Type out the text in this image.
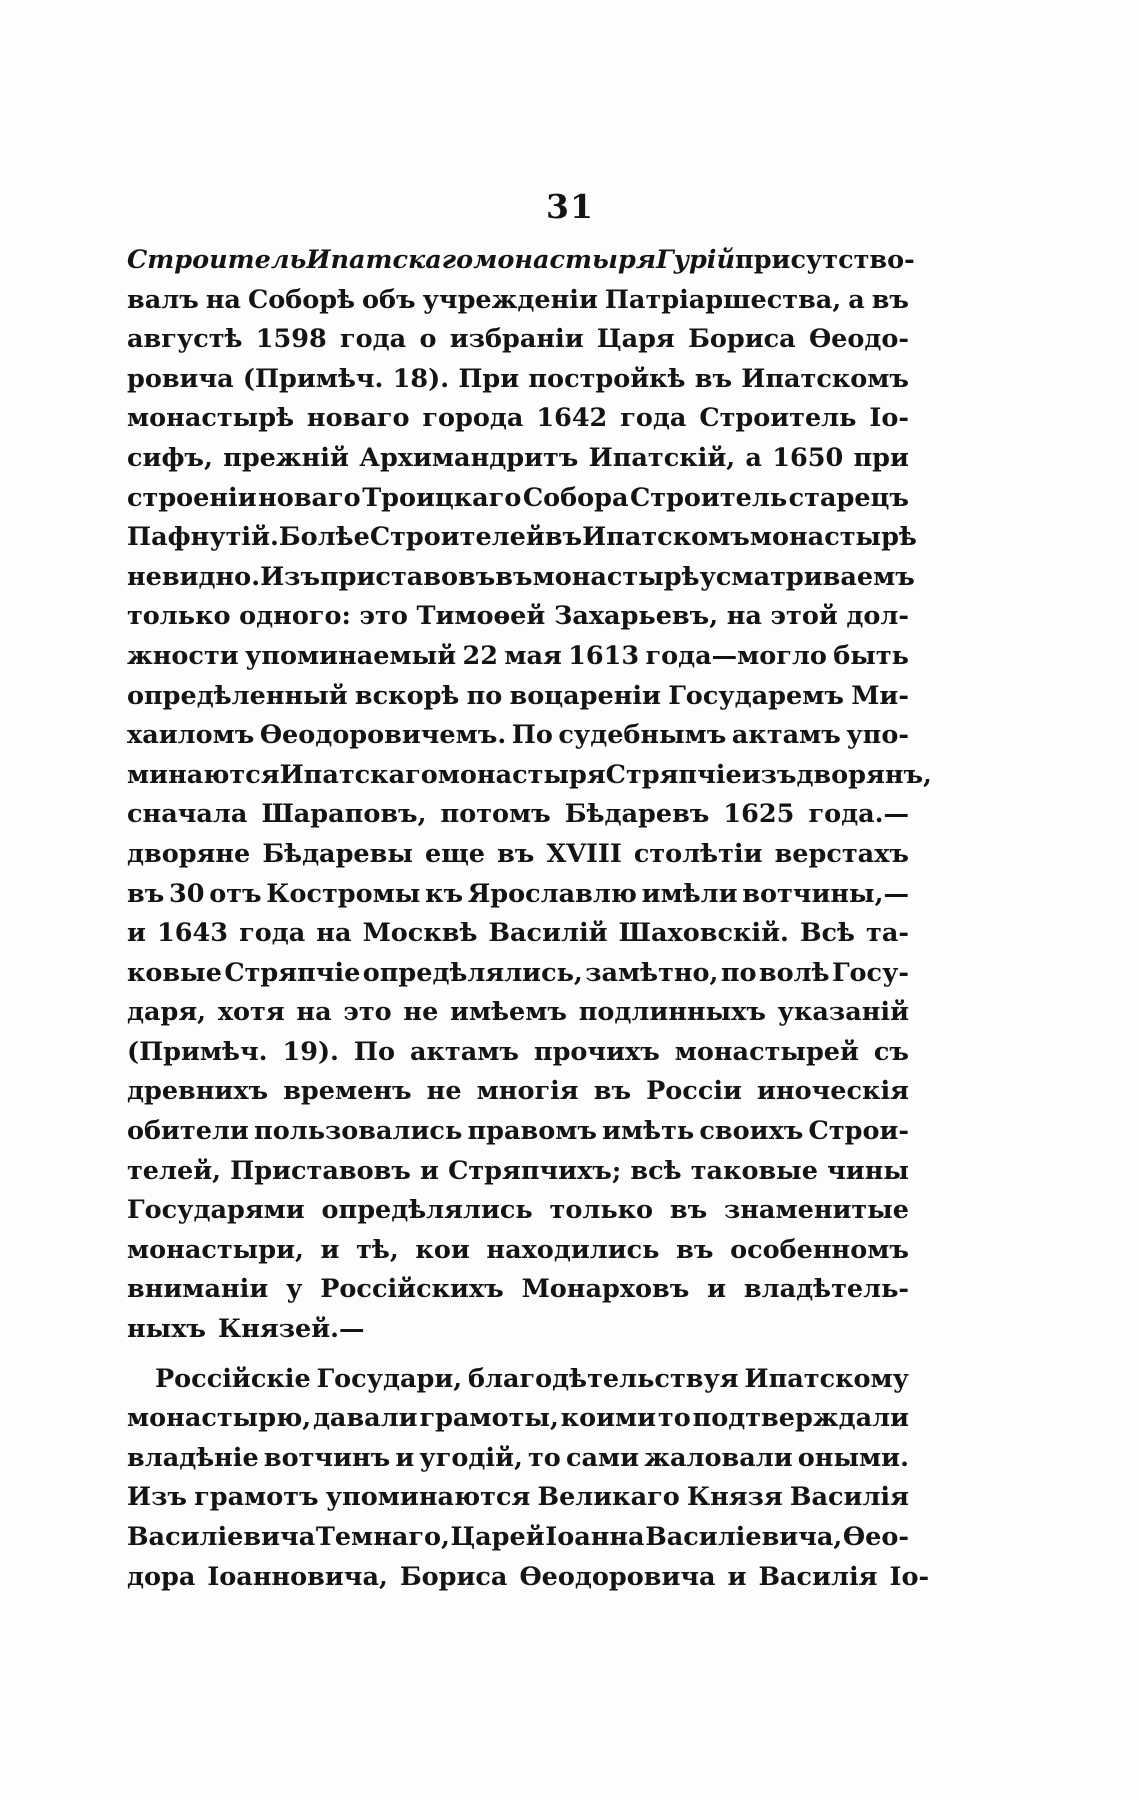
31
Строитель Ипатскаго монастыря Гурій присутство-
валъ на Соборѣ объ учрежденіи Патріаршества, а въ
августѣ 1598 года о избраніи Царя Бориса Ѳеодо-
ровича (Примѣч. 18). При постройкѣ въ Ипатскомъ
монастырѣ новаго города 1642 года Строитель Іо-
сифъ, прежній Архимандритъ Ипатскій, а 1650 при
строеніи новаго Троицкаго Собора Строитель старецъ
Пафнутій. Болѣе Строителей въ Ипатскомъ монастырѣ
не видно. Изъ приставовъ въ монастырѣ усматриваемъ
только одного: это Тимоѳей Захарьевъ, на этой дол-
жности упоминаемый 22 мая 1613 года—могло быть
опредѣленный вскорѣ по воцареніи Государемъ Ми-
хаиломъ Ѳеодоровичемъ. По судебнымъ актамъ упо-
минаются Ипатскаго монастыря Стряпчіе изъ дворянъ,
сначала Шараповъ, потомъ Бѣдаревъ 1625 года.—
дворяне Бѣдаревы еще въ XVIII столѣтіи верстахъ
въ 30 отъ Костромы къ Ярославлю имѣли вотчины,—
и 1643 года на Москвѣ Василій Шаховскій. Всѣ та-
ковые Стряпчіе опредѣлялись, замѣтно, по волѣ Госу-
даря, хотя на это не имѣемъ подлинныхъ указаній
(Примѣч. 19). По актамъ прочихъ монастырей съ
древнихъ временъ не многія въ Россіи иноческія
обители пользовались правомъ имѣть своихъ Строи-
телей, Приставовъ и Стряпчихъ; всѣ таковые чины
Государями опредѣлялись только въ знаменитые
монастыри, и тѣ, кои находились въ особенномъ
вниманіи у Россійскихъ Монарховъ и владѣтель-
ныхъ Князей.—
Россійскіе Государи, благодѣтельствуя Ипатскому
монастырю, давали грамоты, коими то подтверждали
владѣніе вотчинъ и угодій, то сами жаловали оными.
Изъ грамотъ упоминаются Великаго Князя Василія
Василіевича Темнаго, Царей Іоанна Василіевича, Ѳео-
дора Іоанновича, Бориса Ѳеодоровича и Василія Іо-
